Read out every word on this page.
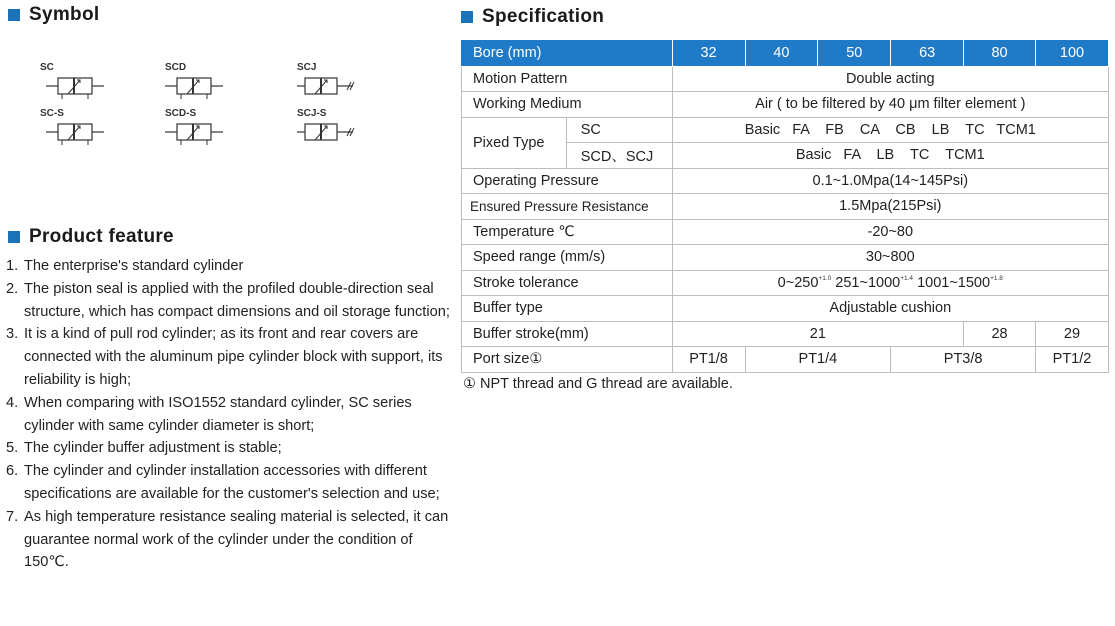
Symbol
SC	SCD	SCJ
SC-S	SCD-S	SCJ-S
Product feature
1. The enterprise's standard cylinder
2. The piston seal is applied with the profiled double-direction seal structure, which has compact dimensions and oil storage function;
3. It is a kind of pull rod cylinder; as its front and rear covers are connected with the aluminum pipe cylinder block with support, its reliability is high;
4. When comparing with ISO1552 standard cylinder, SC series cylinder with same cylinder diameter is short;
5. The cylinder buffer adjustment is stable;
6. The cylinder and cylinder installation accessories with different specifications are available for the customer's selection and use;
7. As high temperature resistance sealing material is selected, it can guarantee normal work of the cylinder under the condition of 150℃.
Specification
Bore (mm)		32	40	50	63	80	100
Motion Pattern		Double acting					
Working Medium		Air ( to be filtered by 40 μm filter element )					
Pixed Type	SC	Basic   FA    FB    CA    CB    LB    TC   TCM1					
	SCD、SCJ	Basic   FA    LB    TC    TCM1					
Operating Pressure		0.1~1.0Mpa(14~145Psi)					
Ensured Pressure Resistance		1.5Mpa(215Psi)					
Temperature ℃		-20~80					
Speed range (mm/s)		30~800					
Stroke tolerance		$0\sim 250^{+1.0}$ $251\sim 1000^{+1.4}$ $1001\sim 1500^{+1.8}$
Buffer type		Adjustable cushion					
Buffer stroke(mm)		21				28	29
Port size①		PT1/8	PT1/4		PT3/8		PT1/2
① NPT thread and G thread are available.
